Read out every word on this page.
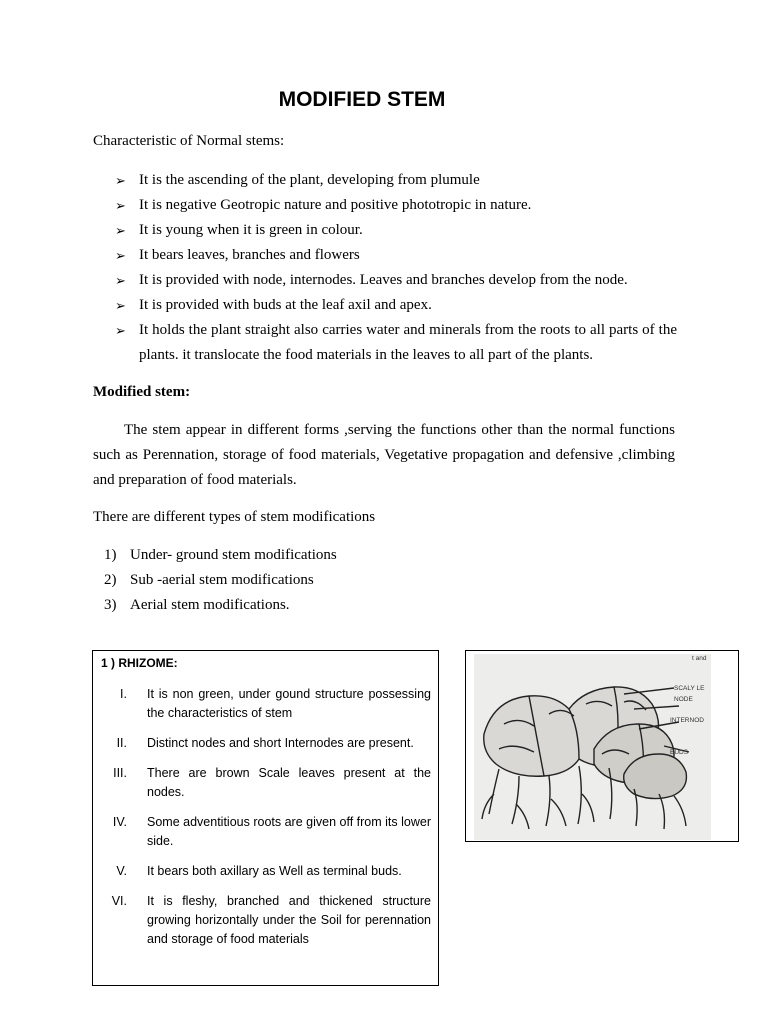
MODIFIED STEM
Characteristic of Normal stems:
➢ It is the ascending of the plant, developing from plumule
➢ It is negative Geotropic nature and positive phototropic in nature.
➢ It is young when it is green in colour.
➢ It bears leaves, branches and flowers
➢ It is provided with node, internodes. Leaves and branches develop from the node.
➢ It is provided with buds at the leaf axil and apex.
➢ It holds the plant straight also carries water and minerals from the roots to all parts of the plants. it translocate the food materials in the leaves to all part of the plants.
Modified stem:
The stem appear in different forms ,serving the functions other than the normal functions such as Perennation, storage of food materials, Vegetative propagation and defensive ,climbing and preparation of food materials.
There are different types of stem modifications
1) Under- ground stem modifications
2) Sub -aerial stem modifications
3) Aerial stem modifications.
1 ) RHIZOME:
I. It is non green, under gound structure possessing the characteristics of stem
II. Distinct nodes and short Internodes are present.
III. There are brown Scale leaves present at the nodes.
IV. Some adventitious roots are given off from its lower side.
V. It bears both axillary as Well as terminal buds.
VI. It is fleshy, branched and thickened structure growing horizontally under the Soil for perennation and storage of food materials
SCALY LE
NODE
INTERNOD
BUDS
t and
